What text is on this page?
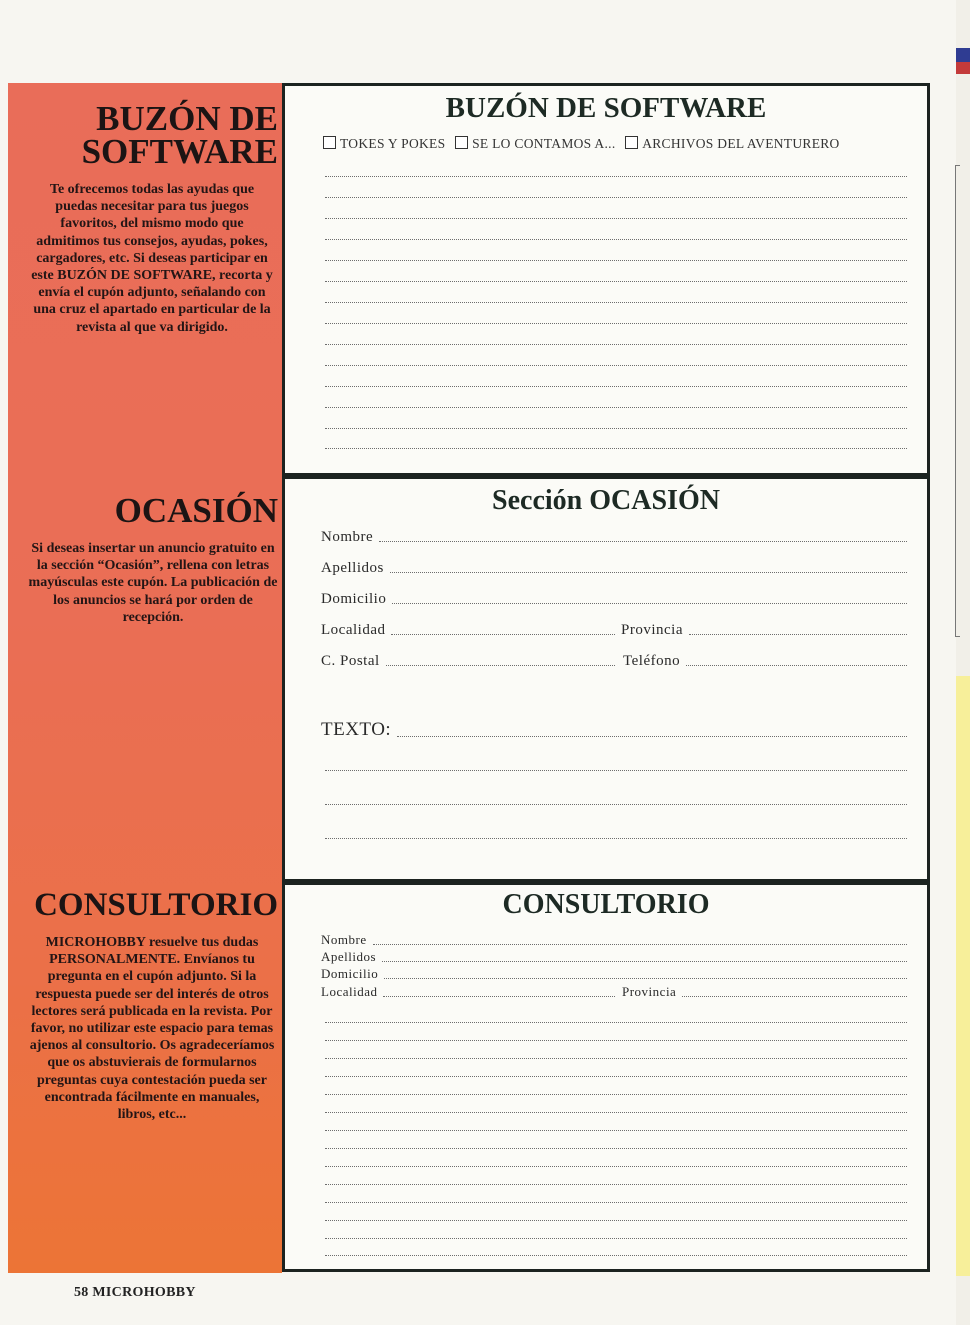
BUZÓN DE
SOFTWARE

Te ofrecemos todas las ayudas que puedas necesitar para tus juegos favoritos, del mismo modo que admitimos tus consejos, ayudas, pokes, cargadores, etc. Si deseas participar en este BUZÓN DE SOFTWARE, recorta y envía el cupón adjunto, señalando con una cruz el apartado en particular de la revista al que va dirigido.

OCASIÓN

Si deseas insertar un anuncio gratuito en la sección “Ocasión”, rellena con letras mayúsculas este cupón. La publicación de los anuncios se hará por orden de recepción.

CONSULTORIO

MICROHOBBY resuelve tus dudas PERSONALMENTE. Envíanos tu pregunta en el cupón adjunto. Si la respuesta puede ser del interés de otros lectores será publicada en la revista. Por favor, no utilizar este espacio para temas ajenos al consultorio. Os agradeceríamos que os abstuvierais de formularnos preguntas cuya contestación pueda ser encontrada fácilmente en manuales, libros, etc...

BUZÓN DE SOFTWARE
TOKES Y POKES SE LO CONTAMOS A... ARCHIVOS DEL AVENTURERO
Sección OCASIÓN
Nombre
Apellidos
Domicilio
Localidad	Provincia
C. Postal	Teléfono
TEXTO:
CONSULTORIO
Nombre
Apellidos
Domicilio
Localidad	Provincia
58 MICROHOBBY
